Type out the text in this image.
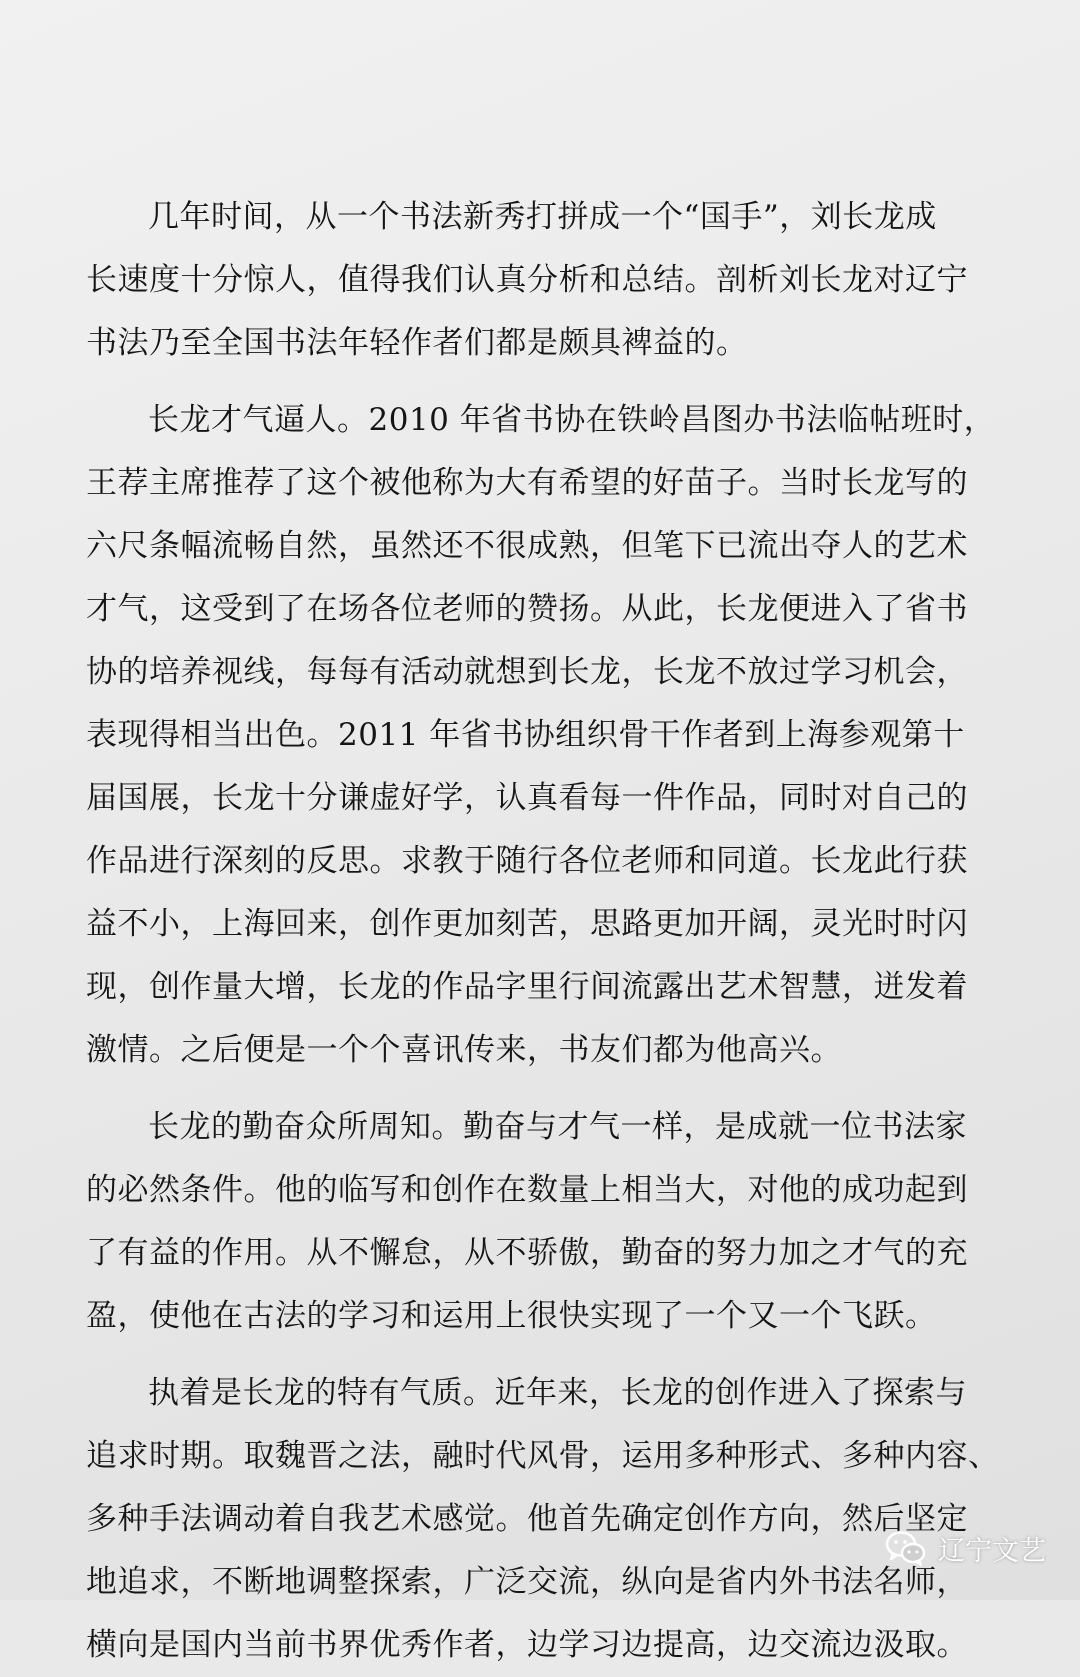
几年时间，从一个书法新秀打拼成一个“国手”，刘长龙成
长速度十分惊人，值得我们认真分析和总结。剖析刘长龙对辽宁
书法乃至全国书法年轻作者们都是颇具裨益的。
长龙才气逼人。2010 年省书协在铁岭昌图办书法临帖班时，
王荐主席推荐了这个被他称为大有希望的好苗子。当时长龙写的
六尺条幅流畅自然，虽然还不很成熟，但笔下已流出夺人的艺术
才气，这受到了在场各位老师的赞扬。从此，长龙便进入了省书
协的培养视线，每每有活动就想到长龙，长龙不放过学习机会，
表现得相当出色。2011 年省书协组织骨干作者到上海参观第十
届国展，长龙十分谦虚好学，认真看每一件作品，同时对自己的
作品进行深刻的反思。求教于随行各位老师和同道。长龙此行获
益不小，上海回来，创作更加刻苦，思路更加开阔，灵光时时闪
现，创作量大增，长龙的作品字里行间流露出艺术智慧，迸发着
激情。之后便是一个个喜讯传来，书友们都为他高兴。
长龙的勤奋众所周知。勤奋与才气一样，是成就一位书法家
的必然条件。他的临写和创作在数量上相当大，对他的成功起到
了有益的作用。从不懈怠，从不骄傲，勤奋的努力加之才气的充
盈，使他在古法的学习和运用上很快实现了一个又一个飞跃。
执着是长龙的特有气质。近年来，长龙的创作进入了探索与
追求时期。取魏晋之法，融时代风骨，运用多种形式、多种内容、
多种手法调动着自我艺术感觉。他首先确定创作方向，然后坚定
地追求，不断地调整探索，广泛交流，纵向是省内外书法名师，
横向是国内当前书界优秀作者，边学习边提高，边交流边汲取。
辽宁文艺
